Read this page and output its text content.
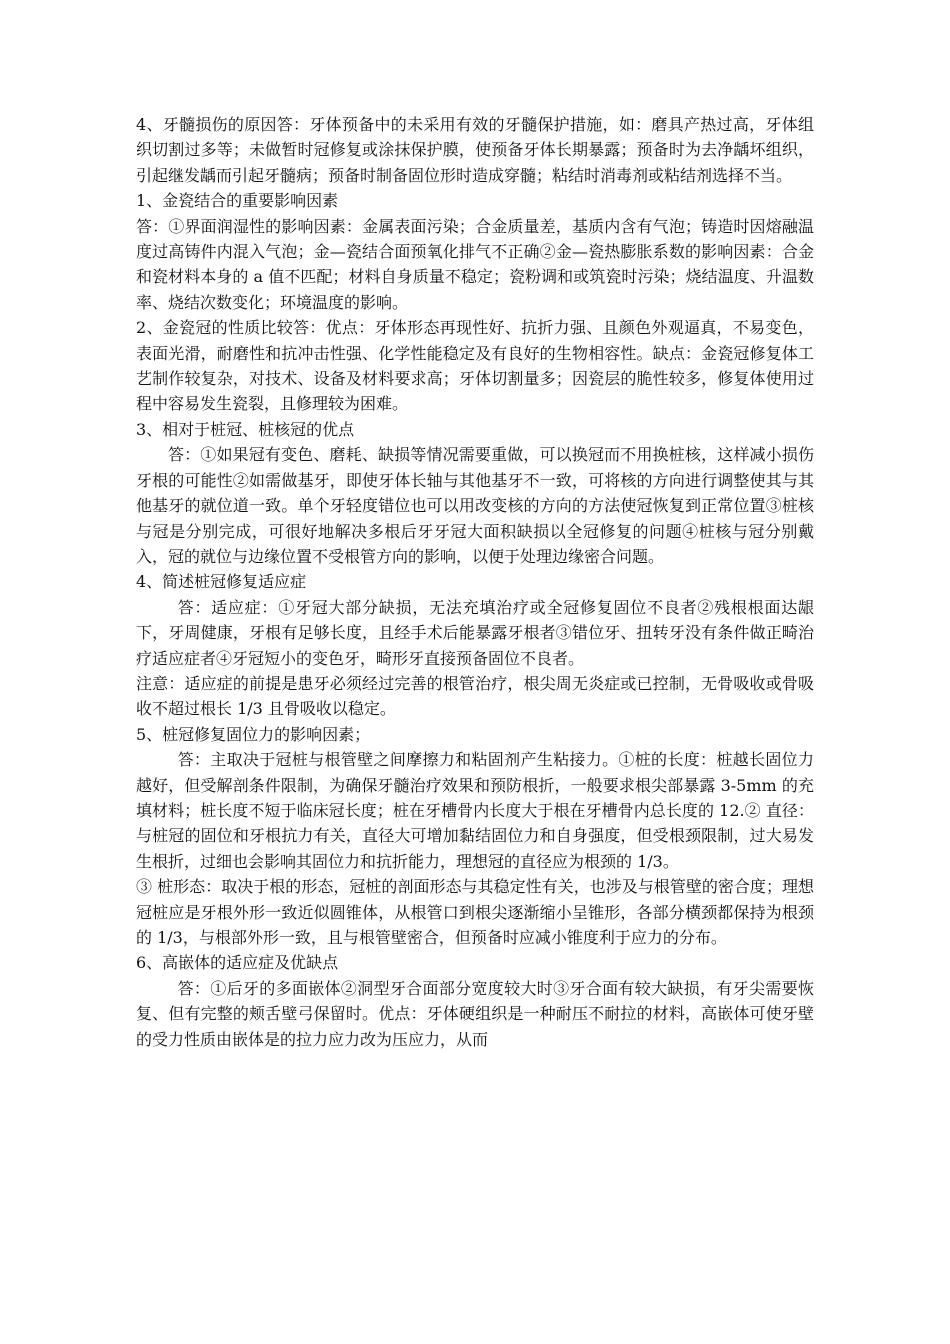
4、牙髓损伤的原因答：牙体预备中的未采用有效的牙髓保护措施，如：磨具产热过高，牙体组织切割过多等；未做暂时冠修复或涂抹保护膜，使预备牙体长期暴露；预备时为去净龋坏组织，引起继发龋而引起牙髓病；预备时制备固位形时造成穿髓；粘结时消毒剂或粘结剂选择不当。

1、金瓷结合的重要影响因素

答：①界面润湿性的影响因素：金属表面污染；合金质量差，基质内含有气泡；铸造时因熔融温度过高铸件内混入气泡；金—瓷结合面预氧化排气不正确②金—瓷热膨胀系数的影响因素：合金和瓷材料本身的 a 值不匹配；材料自身质量不稳定；瓷粉调和或筑瓷时污染；烧结温度、升温数率、烧结次数变化；环境温度的影响。

2、金瓷冠的性质比较答：优点：牙体形态再现性好、抗折力强、且颜色外观逼真，不易变色，表面光滑，耐磨性和抗冲击性强、化学性能稳定及有良好的生物相容性。缺点：金瓷冠修复体工艺制作较复杂，对技术、设备及材料要求高；牙体切割量多；因瓷层的脆性较多，修复体使用过程中容易发生瓷裂，且修理较为困难。

3、相对于桩冠、桩核冠的优点

答：①如果冠有变色、磨耗、缺损等情况需要重做，可以换冠而不用换桩核，这样减小损伤牙根的可能性②如需做基牙，即使牙体长轴与其他基牙不一致，可将核的方向进行调整使其与其他基牙的就位道一致。单个牙轻度错位也可以用改变核的方向的方法使冠恢复到正常位置③桩核与冠是分别完成，可很好地解决多根后牙牙冠大面积缺损以全冠修复的问题④桩核与冠分别戴入，冠的就位与边缘位置不受根管方向的影响，以便于处理边缘密合问题。

4、简述桩冠修复适应症

答：适应症：①牙冠大部分缺损，无法充填治疗或全冠修复固位不良者②残根根面达龈下，牙周健康，牙根有足够长度，且经手术后能暴露牙根者③错位牙、扭转牙没有条件做正畸治疗适应症者④牙冠短小的变色牙，畸形牙直接预备固位不良者。

注意：适应症的前提是患牙必须经过完善的根管治疗，根尖周无炎症或已控制，无骨吸收或骨吸收不超过根长 1/3 且骨吸收以稳定。

5、桩冠修复固位力的影响因素；

答：主取决于冠桩与根管壁之间摩擦力和粘固剂产生粘接力。①桩的长度：桩越长固位力越好，但受解剖条件限制，为确保牙髓治疗效果和预防根折，一般要求根尖部暴露 3-5mm 的充填材料；桩长度不短于临床冠长度；桩在牙槽骨内长度大于根在牙槽骨内总长度的 12.② 直径：与桩冠的固位和牙根抗力有关，直径大可增加黏结固位力和自身强度，但受根颈限制，过大易发生根折，过细也会影响其固位力和抗折能力，理想冠的直径应为根颈的 1/3。

③ 桩形态：取决于根的形态，冠桩的剖面形态与其稳定性有关，也涉及与根管壁的密合度；理想冠桩应是牙根外形一致近似圆锥体，从根管口到根尖逐渐缩小呈锥形，各部分横颈都保持为根颈的 1/3，与根部外形一致，且与根管壁密合，但预备时应减小锥度利于应力的分布。

6、高嵌体的适应症及优缺点

答：①后牙的多面嵌体②洞型牙合面部分宽度较大时③牙合面有较大缺损，有牙尖需要恢复、但有完整的颊舌壁弓保留时。优点：牙体硬组织是一种耐压不耐拉的材料，高嵌体可使牙壁的受力性质由嵌体是的拉力应力改为压应力，从而
